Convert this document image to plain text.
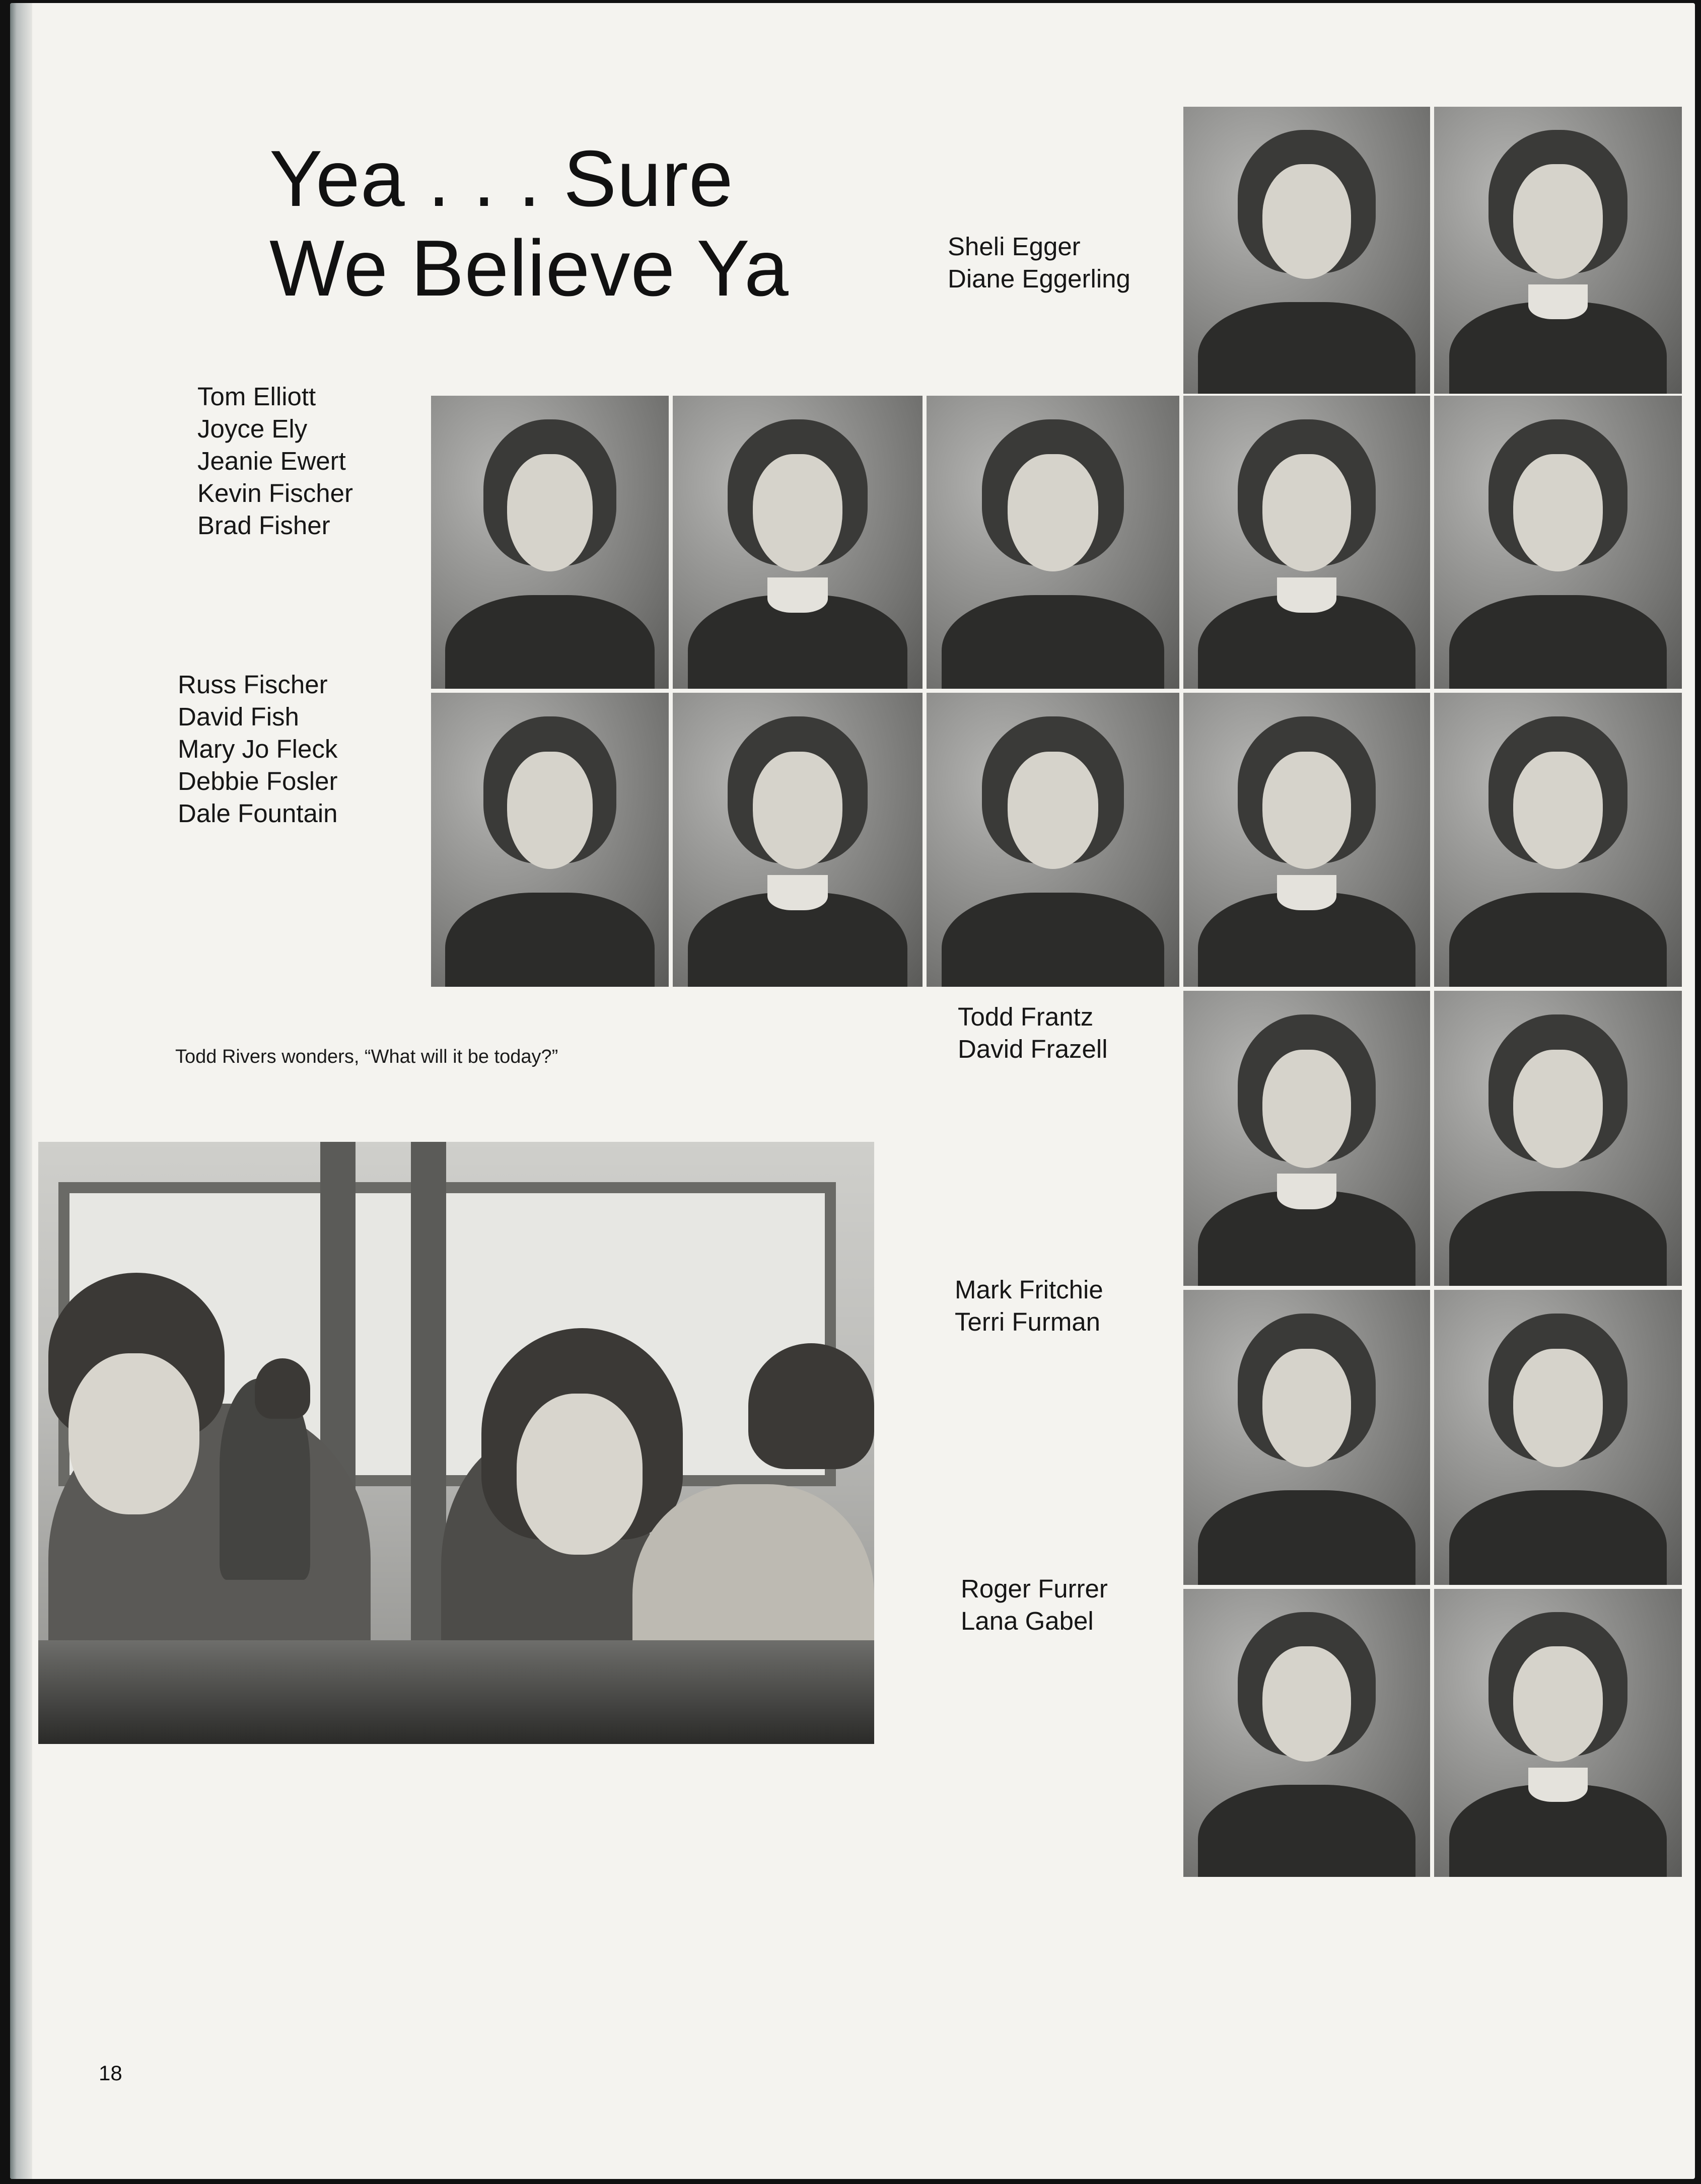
Yea . . . Sure
We Believe Ya	Sheli Egger
Diane Eggerling
Tom Elliott
Joyce Ely
Jeanie Ewert
Kevin Fischer
Brad Fisher
Russ Fischer
David Fish
Mary Jo Fleck
Debbie Fosler
Dale Fountain
Todd Frantz
David Frazell
Mark Fritchie
Terri Furman
Roger Furrer
Lana Gabel
Todd Rivers wonders, “What will it be today?”
18
